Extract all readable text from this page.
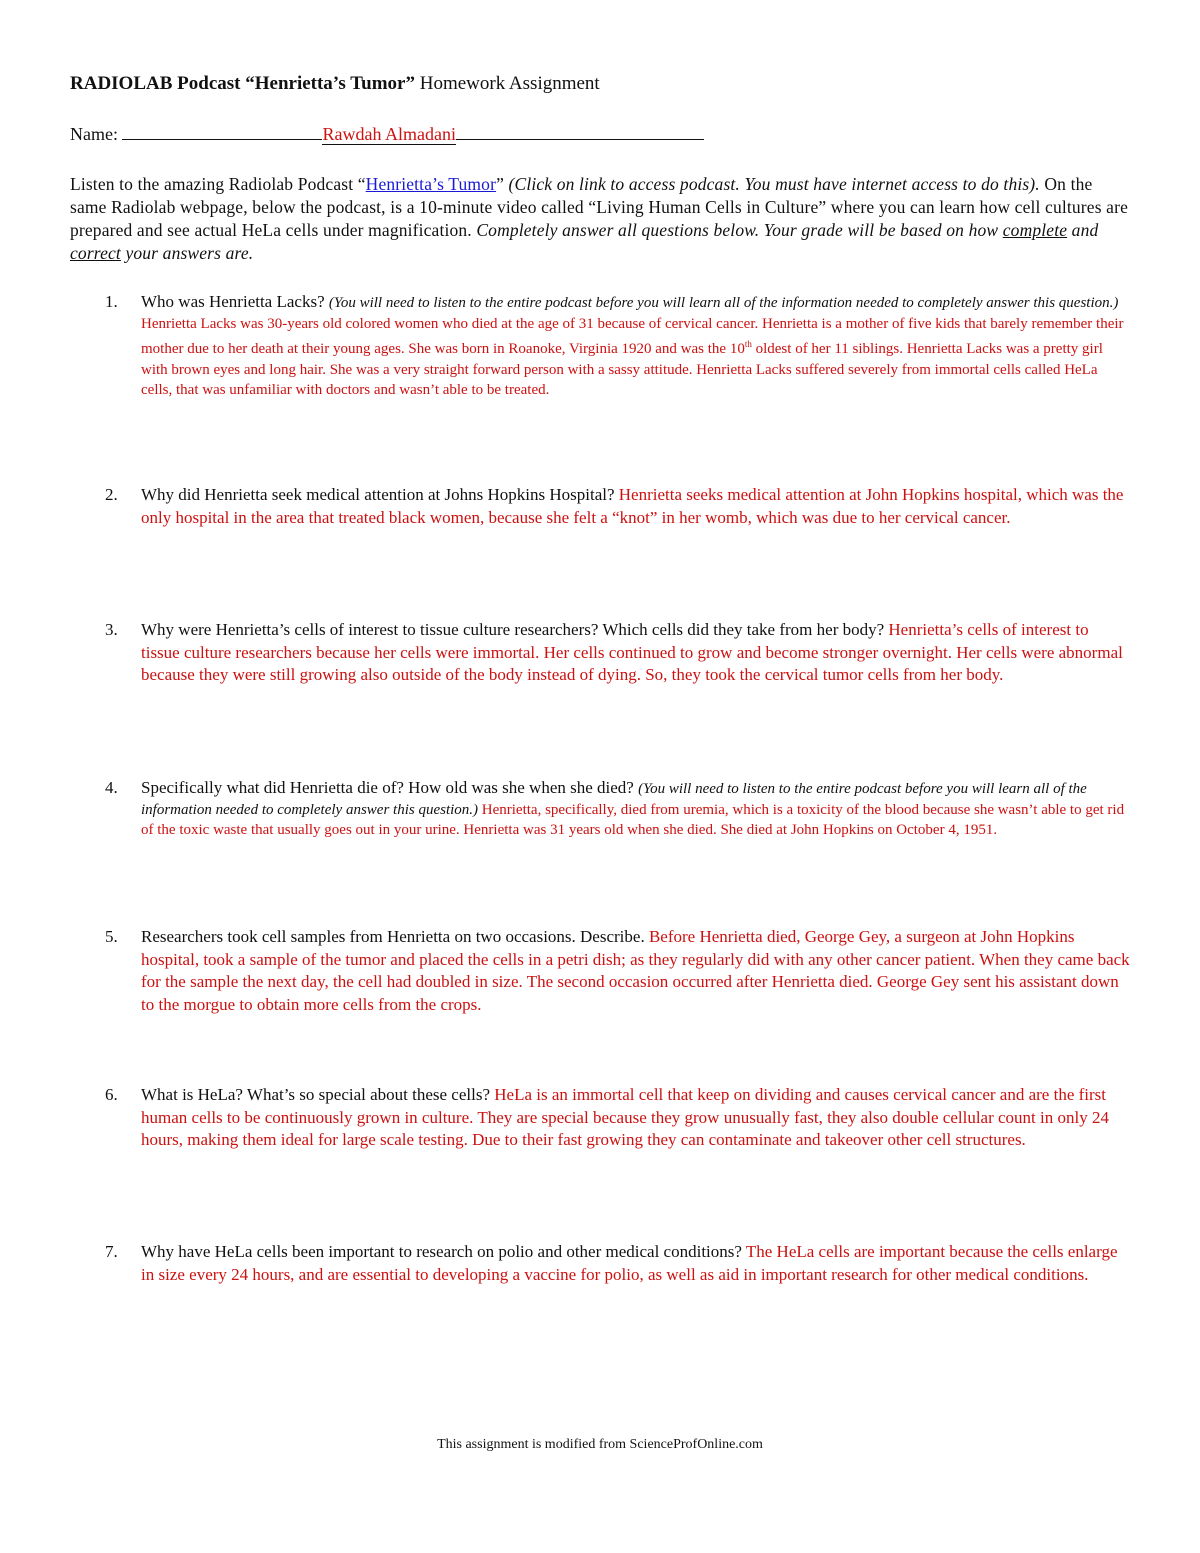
RADIOLAB Podcast “Henrietta’s Tumor” Homework Assignment
Name:	Rawdah Almadani
Listen to the amazing Radiolab Podcast “Henrietta’s Tumor” (Click on link to access podcast. You must have internet access to do this). On the same Radiolab webpage, below the podcast, is a 10-minute video called “Living Human Cells in Culture” where you can learn how cell cultures are prepared and see actual HeLa cells under magnification. Completely answer all questions below. Your grade will be based on how complete and correct your answers are.
1.	Who was Henrietta Lacks? (You will need to listen to the entire podcast before you will learn all of the information needed to completely answer this question.) Henrietta Lacks was 30-years old colored women who died at the age of 31 because of cervical cancer. Henrietta is a mother of five kids that barely remember their mother due to her death at their young ages. She was born in Roanoke, Virginia 1920 and was the 10th oldest of her 11 siblings. Henrietta Lacks was a pretty girl with brown eyes and long hair. She was a very straight forward person with a sassy attitude. Henrietta Lacks suffered severely from immortal cells called HeLa cells, that was unfamiliar with doctors and wasn’t able to be treated.
2.	Why did Henrietta seek medical attention at Johns Hopkins Hospital? Henrietta seeks medical attention at John Hopkins hospital, which was the only hospital in the area that treated black women, because she felt a “knot” in her womb, which was due to her cervical cancer.
3.	Why were Henrietta’s cells of interest to tissue culture researchers? Which cells did they take from her body? Henrietta’s cells of interest to tissue culture researchers because her cells were immortal. Her cells continued to grow and become stronger overnight. Her cells were abnormal because they were still growing also outside of the body instead of dying. So, they took the cervical tumor cells from her body.
4.	Specifically what did Henrietta die of? How old was she when she died? (You will need to listen to the entire podcast before you will learn all of the information needed to completely answer this question.) Henrietta, specifically, died from uremia, which is a toxicity of the blood because she wasn’t able to get rid of the toxic waste that usually goes out in your urine. Henrietta was 31 years old when she died. She died at John Hopkins on October 4, 1951.
5.	Researchers took cell samples from Henrietta on two occasions. Describe. Before Henrietta died, George Gey, a surgeon at John Hopkins hospital, took a sample of the tumor and placed the cells in a petri dish; as they regularly did with any other cancer patient. When they came back for the sample the next day, the cell had doubled in size. The second occasion occurred after Henrietta died. George Gey sent his assistant down to the morgue to obtain more cells from the crops.
6.	What is HeLa? What’s so special about these cells? HeLa is an immortal cell that keep on dividing and causes cervical cancer and are the first human cells to be continuously grown in culture. They are special because they grow unusually fast, they also double cellular count in only 24 hours, making them ideal for large scale testing. Due to their fast growing they can contaminate and takeover other cell structures.
7.	Why have HeLa cells been important to research on polio and other medical conditions? The HeLa cells are important because the cells enlarge in size every 24 hours, and are essential to developing a vaccine for polio, as well as aid in important research for other medical conditions.
This assignment is modified from ScienceProfOnline.com
